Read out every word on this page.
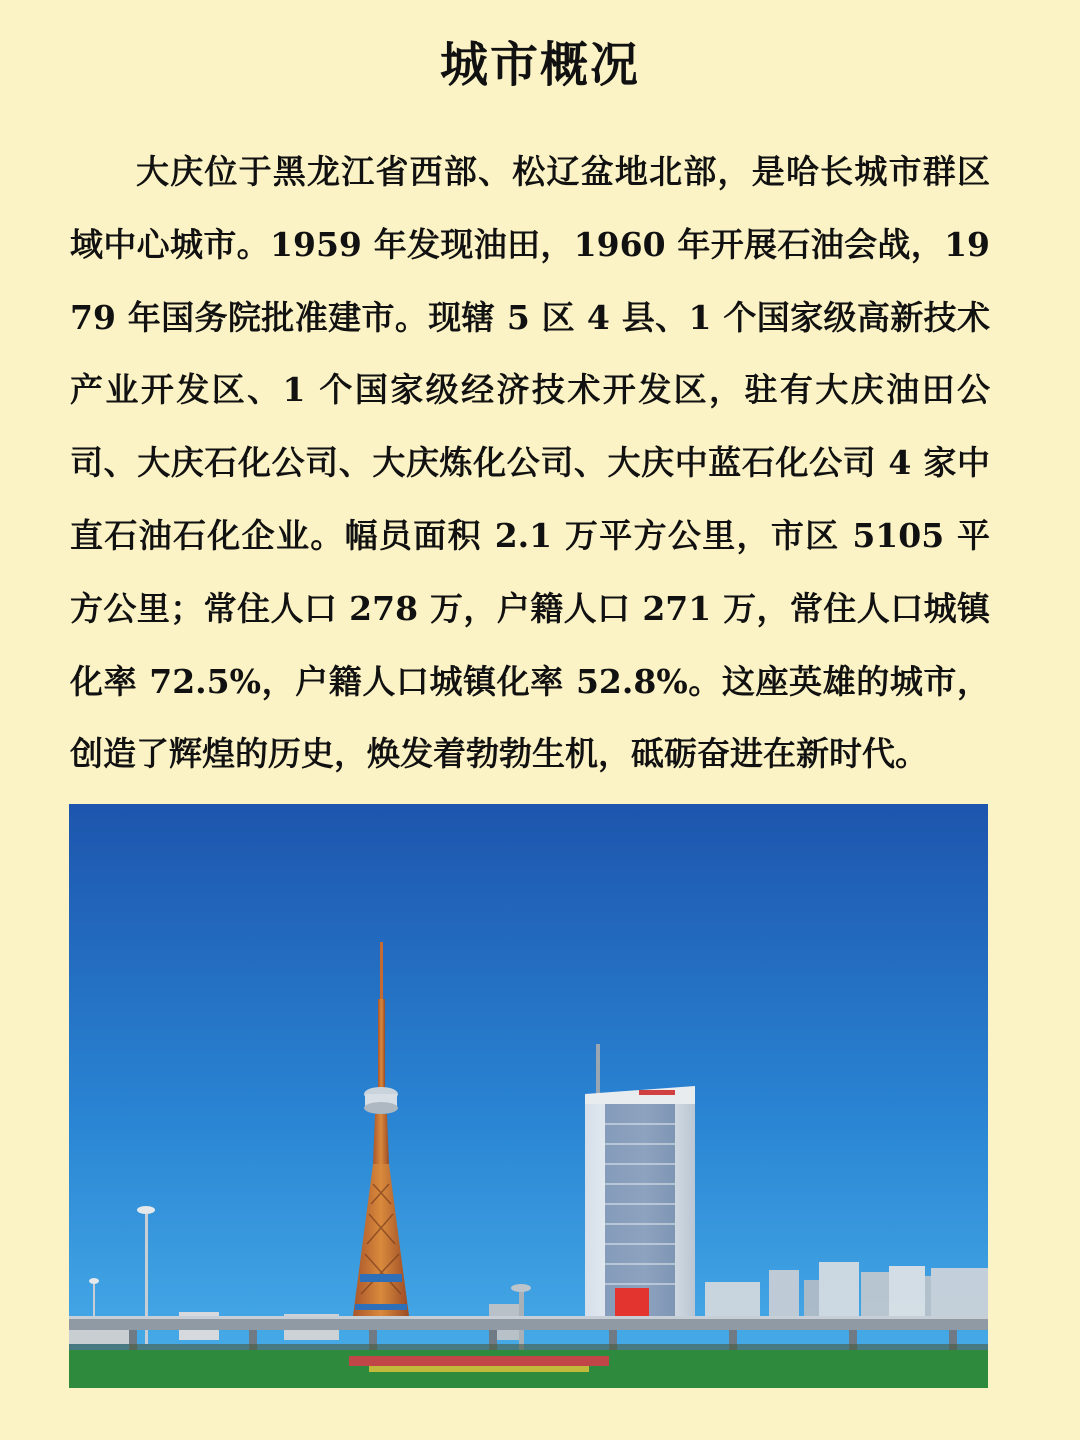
城市概况

大庆位于黑龙江省西部、松辽盆地北部，是哈长城市群区域中心城市。1959 年发现油田，1960 年开展石油会战，1979 年国务院批准建市。现辖 5 区 4 县、1 个国家级高新技术产业开发区、1 个国家级经济技术开发区，驻有大庆油田公司、大庆石化公司、大庆炼化公司、大庆中蓝石化公司 4 家中直石油石化企业。幅员面积 2.1 万平方公里，市区 5105 平方公里；常住人口 278 万，户籍人口 271 万，常住人口城镇化率 72.5%，户籍人口城镇化率 52.8%。这座英雄的城市，创造了辉煌的历史，焕发着勃勃生机，砥砺奋进在新时代。
